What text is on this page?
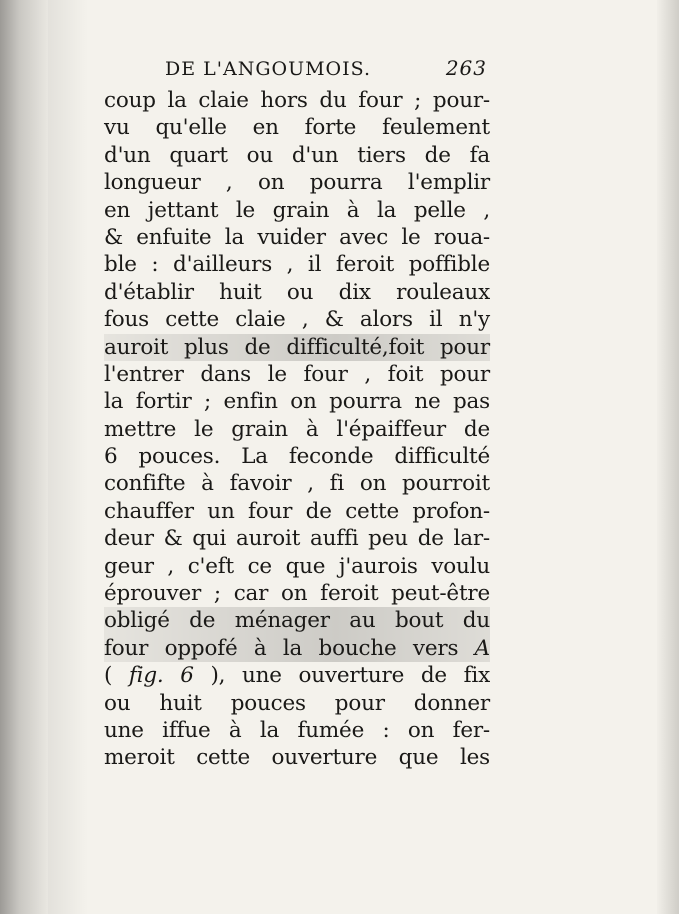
DE L'ANGOUMOIS.	263
coup la claie hors du four ; pour-
vu qu'elle en forte feulement
d'un quart ou d'un tiers de fa
longueur , on pourra l'emplir
en jettant le grain à la pelle ,
& enfuite la vuider avec le roua-
ble : d'ailleurs , il feroit poffible
d'établir huit ou dix rouleaux
fous cette claie , & alors il n'y
auroit plus de difficulté,foit pour
l'entrer dans le four , foit pour
la fortir ; enfin on pourra ne pas
mettre le grain à l'épaiffeur de
6 pouces. La feconde difficulté
confifte à favoir , fi on pourroit
chauffer un four de cette profon-
deur & qui auroit auffi peu de lar-
geur , c'eft ce que j'aurois voulu
éprouver ; car on feroit peut-être
obligé de ménager au bout du
four oppofé à la bouche vers A
( fig. 6 ), une ouverture de fix
ou huit pouces pour donner
une iffue à la fumée : on fer-
meroit cette ouverture que les
